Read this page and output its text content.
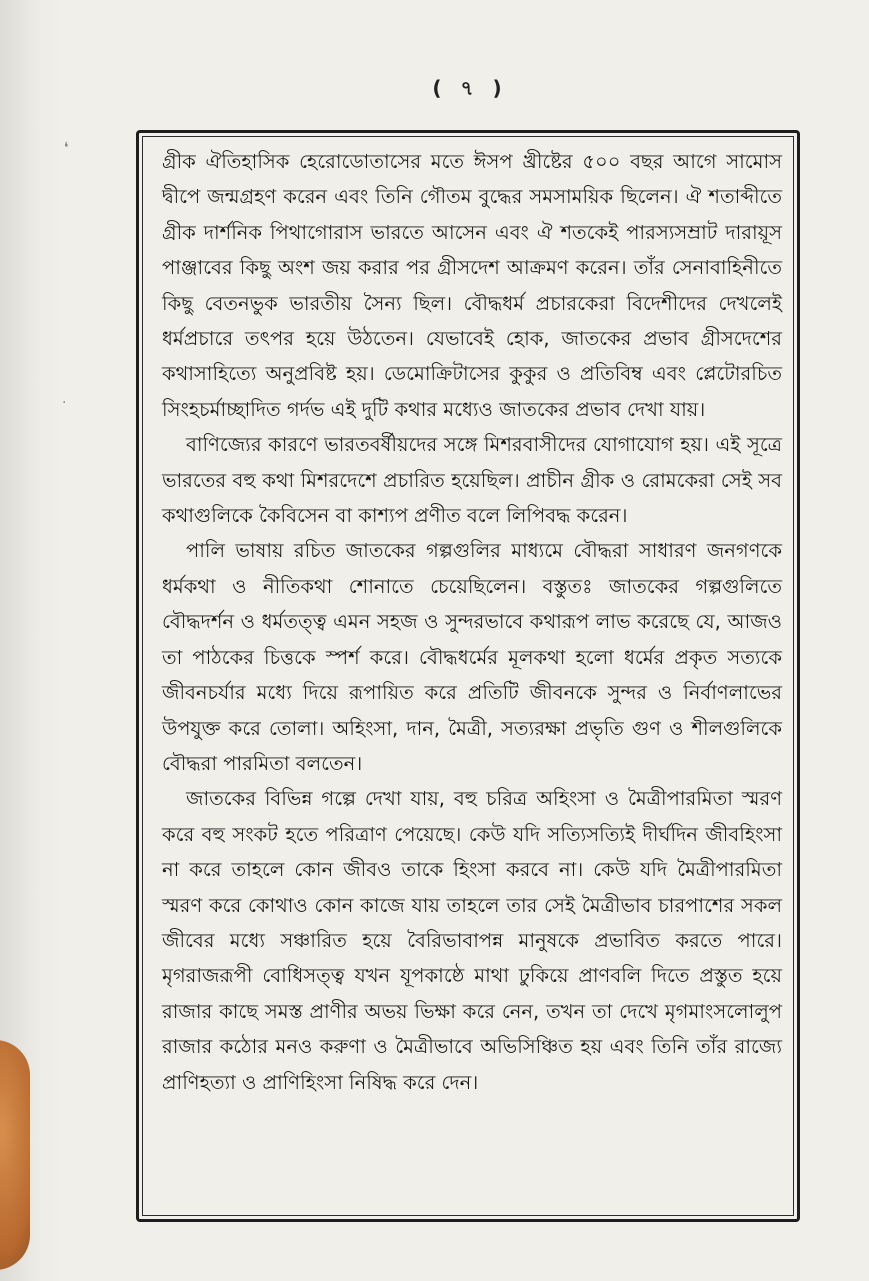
❛
·
( ৭ )

গ্রীক ঐতিহাসিক হেরোডোতাসের মতে ঈসপ খ্রীষ্টের ৫০০ বছর আগে সামোস দ্বীপে জন্মগ্রহণ করেন এবং তিনি গৌতম বুদ্ধের সমসাময়িক ছিলেন। ঐ শতাব্দীতে গ্রীক দার্শনিক পিথাগোরাস ভারতে আসেন এবং ঐ শতকেই পারস্যসম্রাট দারায়ূস পাঞ্জাবের কিছু অংশ জয় করার পর গ্রীসদেশ আক্রমণ করেন। তাঁর সেনাবাহিনীতে কিছু বেতনভুক ভারতীয় সৈন্য ছিল। বৌদ্ধধর্ম প্রচারকেরা বিদেশীদের দেখলেই ধর্মপ্রচারে তৎপর হয়ে উঠতেন। যেভাবেই হোক, জাতকের প্রভাব গ্রীসদেশের কথাসাহিত্যে অনুপ্রবিষ্ট হয়। ডেমোক্রিটাসের কুকুর ও প্রতিবিম্ব এবং প্লেটোরচিত সিংহচর্মাচ্ছাদিত গর্দভ এই দুটি কথার মধ্যেও জাতকের প্রভাব দেখা যায়।

বাণিজ্যের কারণে ভারতবর্ষীয়দের সঙ্গে মিশরবাসীদের যোগাযোগ হয়। এই সূত্রে ভারতের বহু কথা মিশরদেশে প্রচারিত হয়েছিল। প্রাচীন গ্রীক ও রোমকেরা সেই সব কথাগুলিকে কৈবিসেন বা কাশ্যপ প্রণীত বলে লিপিবদ্ধ করেন।

পালি ভাষায় রচিত জাতকের গল্পগুলির মাধ্যমে বৌদ্ধরা সাধারণ জনগণকে ধর্মকথা ও নীতিকথা শোনাতে চেয়েছিলেন। বস্তুতঃ জাতকের গল্পগুলিতে বৌদ্ধদর্শন ও ধর্মতত্ত্ব এমন সহজ ও সুন্দরভাবে কথারূপ লাভ করেছে যে, আজও তা পাঠকের চিত্তকে স্পর্শ করে। বৌদ্ধধর্মের মূলকথা হলো ধর্মের প্রকৃত সত্যকে জীবনচর্যার মধ্যে দিয়ে রূপায়িত করে প্রতিটি জীবনকে সুন্দর ও নির্বাণলাভের উপযুক্ত করে তোলা। অহিংসা, দান, মৈত্রী, সত্যরক্ষা প্রভৃতি গুণ ও শীলগুলিকে বৌদ্ধরা পারমিতা বলতেন।

জাতকের বিভিন্ন গল্পে দেখা যায়, বহু চরিত্র অহিংসা ও মৈত্রীপারমিতা স্মরণ করে বহু সংকট হতে পরিত্রাণ পেয়েছে। কেউ যদি সত্যিসত্যিই দীর্ঘদিন জীবহিংসা না করে তাহলে কোন জীবও তাকে হিংসা করবে না। কেউ যদি মৈত্রীপারমিতা স্মরণ করে কোথাও কোন কাজে যায় তাহলে তার সেই মৈত্রীভাব চারপাশের সকল জীবের মধ্যে সঞ্চারিত হয়ে বৈরিভাবাপন্ন মানুষকে প্রভাবিত করতে পারে। মৃগরাজরূপী বোধিসত্ত্ব যখন যূপকাষ্ঠে মাথা ঢুকিয়ে প্রাণবলি দিতে প্রস্তুত হয়ে রাজার কাছে সমস্ত প্রাণীর অভয় ভিক্ষা করে নেন, তখন তা দেখে মৃগমাংসলোলুপ রাজার কঠোর মনও করুণা ও মৈত্রীভাবে অভিসিঞ্চিত হয় এবং তিনি তাঁর রাজ্যে প্রাণিহত্যা ও প্রাণিহিংসা নিষিদ্ধ করে দেন।
